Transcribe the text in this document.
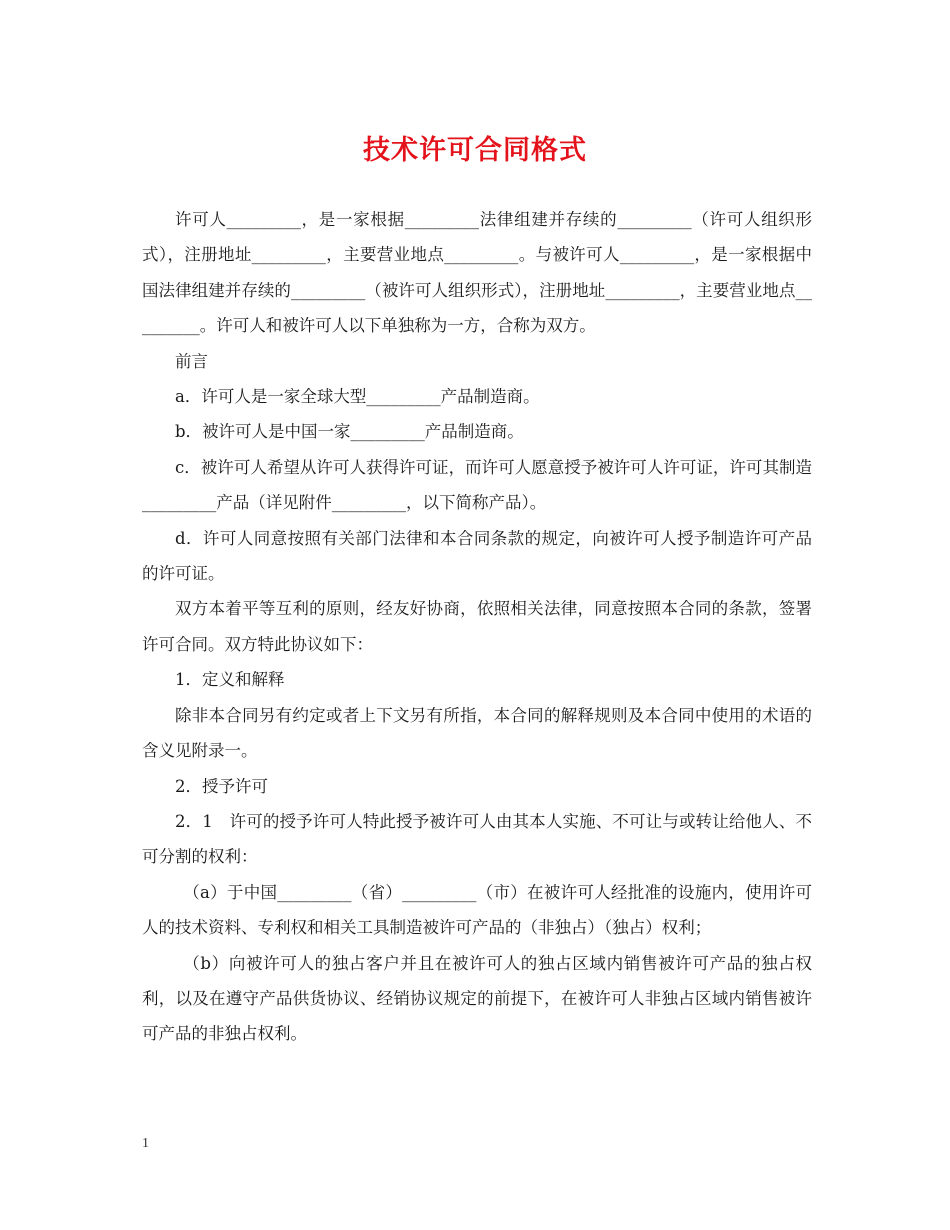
技术许可合同格式

许可人_________，是一家根据_________法律组建并存续的_________（许可人组织形式），注册地址_________，主要营业地点_________。与被许可人_________，是一家根据中国法律组建并存续的_________（被许可人组织形式），注册地址_________，主要营业地点_________。许可人和被许可人以下单独称为一方，合称为双方。

前言

a．许可人是一家全球大型_________产品制造商。

b．被许可人是中国一家_________产品制造商。

c．被许可人希望从许可人获得许可证，而许可人愿意授予被许可人许可证，许可其制造_________产品（详见附件_________，以下简称产品）。

d．许可人同意按照有关部门法律和本合同条款的规定，向被许可人授予制造许可产品的许可证。

双方本着平等互利的原则，经友好协商，依照相关法律，同意按照本合同的条款，签署许可合同。双方特此协议如下：

1．定义和解释

除非本合同另有约定或者上下文另有所指，本合同的解释规则及本合同中使用的术语的含义见附录一。

2．授予许可

2．1　许可的授予许可人特此授予被许可人由其本人实施、不可让与或转让给他人、不可分割的权利：

（a）于中国_________（省）_________（市）在被许可人经批准的设施内，使用许可人的技术资料、专利权和相关工具制造被许可产品的（非独占）（独占）权利；

（b）向被许可人的独占客户并且在被许可人的独占区域内销售被许可产品的独占权利，以及在遵守产品供货协议、经销协议规定的前提下，在被许可人非独占区域内销售被许可产品的非独占权利。

1
